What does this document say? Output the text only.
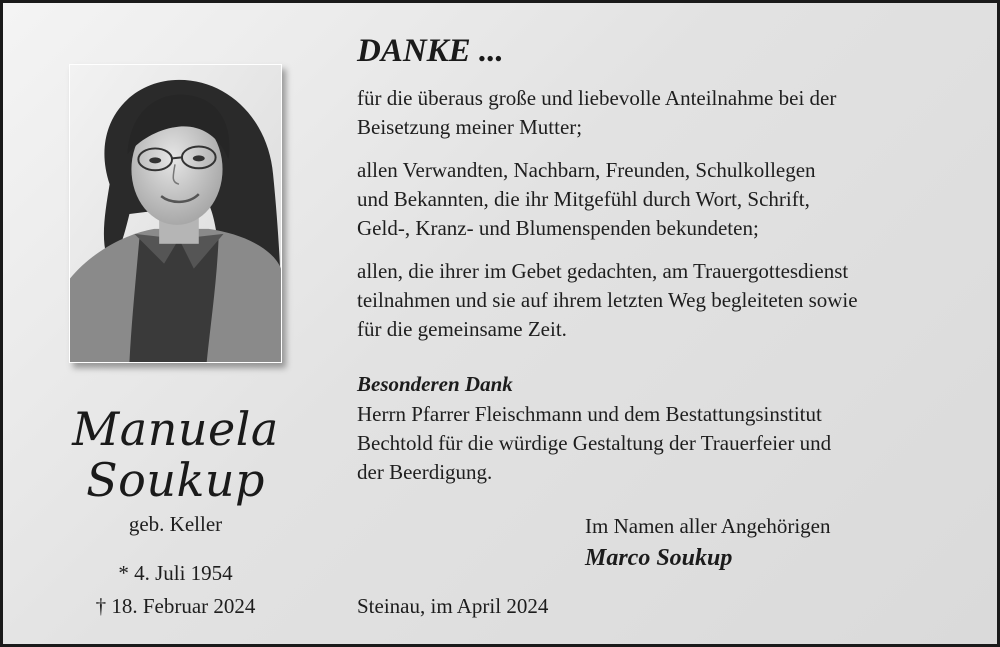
Manuela
Soukup
geb. Keller
* 4. Juli 1954
† 18. Februar 2024
DANKE ...

für die überaus große und liebevolle Anteilnahme bei der
Beisetzung meiner Mutter;

allen Verwandten, Nachbarn, Freunden, Schulkollegen
und Bekannten, die ihr Mitgefühl durch Wort, Schrift,
Geld-, Kranz- und Blumenspenden bekundeten;

allen, die ihrer im Gebet gedachten, am Trauergottesdienst
teilnahmen und sie auf ihrem letzten Weg begleiteten sowie
für die gemeinsame Zeit.

Besonderen Dank

Herrn Pfarrer Fleischmann und dem Bestattungsinstitut
Bechtold für die würdige Gestaltung der Trauerfeier und
der Beerdigung.

Im Namen aller Angehörigen
Marco Soukup
Steinau, im April 2024
